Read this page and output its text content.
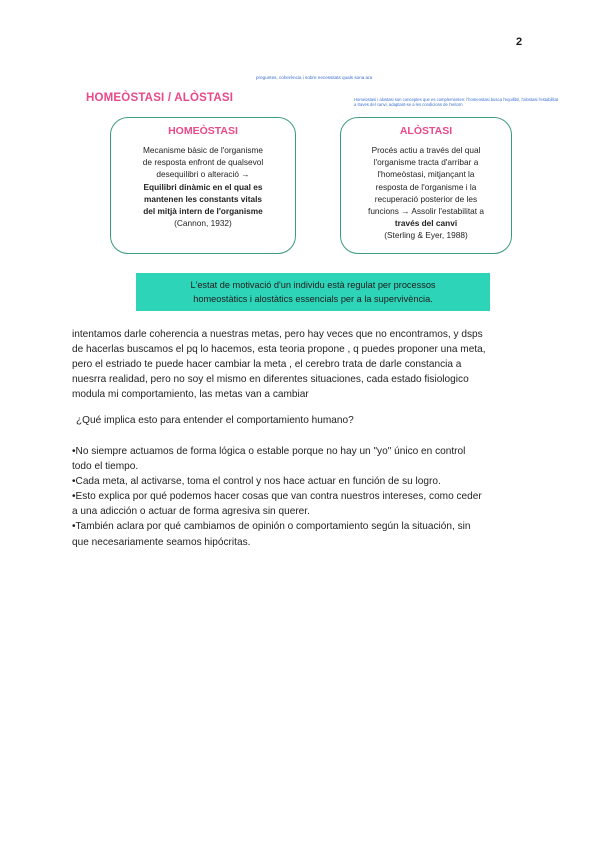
2
preguntes, coherència i sobre necessitats quals sona ara
HOMEÒSTASI / ALÒSTASI	Homeostasi i alostasi son conceptes que es complementen: l'homeostasi busca l'equilibri, l'alostasi l'estabilitat a traves del canvi, adaptant-se a les condicions de l'entorn
HOMEÒSTASI
Mecanisme bàsic de l'organisme
de resposta enfront de qualsevol
desequilibri o alteració →
Equilibri dinàmic en el qual es
mantenen les constants vitals
del mitjà intern de l'organisme
(Cannon, 1932)
ALÒSTASI
Procés actiu a través del qual
l'organisme tracta d'arribar a
l'homeòstasi, mitjançant la
resposta de l'organisme i la
recuperació posterior de les
funcions → Assolir l'estabilitat a
través del canvi
(Sterling & Eyer, 1988)
L'estat de motivació d'un individu està regulat per processos
homeostàtics i alostàtics essencials per a la supervivència.
intentamos darle coherencia a nuestras metas, pero hay veces que no encontramos, y dsps
de hacerlas buscamos el pq lo hacemos, esta teoria propone , q puedes proponer una meta,
pero el estriado te puede hacer cambiar la meta , el cerebro trata de darle constancia a
nuesrra realidad, pero no soy el mismo en diferentes situaciones, cada estado fisiologico
modula mi comportamiento, las metas van a cambiar
¿Qué implica esto para entender el comportamiento humano?
•No siempre actuamos de forma lógica o estable porque no hay un "yo" único en control
todo el tiempo.
•Cada meta, al activarse, toma el control y nos hace actuar en función de su logro.
•Esto explica por qué podemos hacer cosas que van contra nuestros intereses, como ceder
a una adicción o actuar de forma agresiva sin querer.
•También aclara por qué cambiamos de opinión o comportamiento según la situación, sin
que necesariamente seamos hipócritas.
